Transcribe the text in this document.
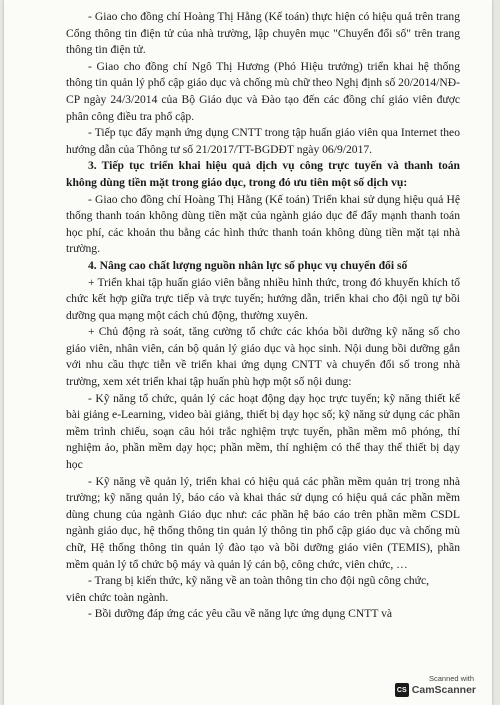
- Giao cho đồng chí Hoàng Thị Hằng (Kế toán) thực hiện có hiệu quả trên trang Cổng thông tin điện tử của nhà trường, lập chuyên mục "Chuyển đổi số" trên trang thông tin điện tử.

- Giao cho đồng chí Ngô Thị Hương (Phó Hiệu trưởng) triển khai hệ thống thông tin quản lý phổ cập giáo dục và chống mù chữ theo Nghị định số 20/2014/NĐ-CP ngày 24/3/2014 của Bộ Giáo dục và Đào tạo đến các đồng chí giáo viên được phân công điều tra phổ cập.

- Tiếp tục đẩy mạnh ứng dụng CNTT trong tập huấn giáo viên qua Internet theo hướng dẫn của Thông tư số 21/2017/TT-BGDĐT ngày 06/9/2017.

3. Tiếp tục triển khai hiệu quả dịch vụ công trực tuyến và thanh toán không dùng tiền mặt trong giáo dục, trong đó ưu tiên một số dịch vụ:

- Giao cho đồng chí Hoàng Thị Hằng (Kế toán) Triển khai sử dụng hiệu quả Hệ thống thanh toán không dùng tiền mặt của ngành giáo dục để đẩy mạnh thanh toán học phí, các khoản thu bằng các hình thức thanh toán không dùng tiền mặt tại nhà trường.

4. Nâng cao chất lượng nguồn nhân lực số phục vụ chuyển đổi số

+ Triển khai tập huấn giáo viên bằng nhiều hình thức, trong đó khuyến khích tổ chức kết hợp giữa trực tiếp và trực tuyến; hướng dẫn, triển khai cho đội ngũ tự bồi dưỡng qua mạng một cách chủ động, thường xuyên.

+ Chủ động rà soát, tăng cường tổ chức các khóa bồi dưỡng kỹ năng số cho giáo viên, nhân viên, cán bộ quản lý giáo dục và học sinh. Nội dung bồi dưỡng gắn với nhu cầu thực tiễn về triển khai ứng dụng CNTT và chuyển đổi số trong nhà trường, xem xét triển khai tập huấn phù hợp một số nội dung:

- Kỹ năng tổ chức, quản lý các hoạt động dạy học trực tuyến; kỹ năng thiết kế bài giảng e-Learning, video bài giảng, thiết bị dạy học số; kỹ năng sử dụng các phần mềm trình chiếu, soạn câu hỏi trắc nghiệm trực tuyến, phần mềm mô phỏng, thí nghiệm ảo, phần mềm dạy học; phần mềm, thí nghiệm có thể thay thế thiết bị dạy học

- Kỹ năng về quản lý, triển khai có hiệu quả các phần mềm quản trị trong nhà trường; kỹ năng quản lý, báo cáo và khai thác sử dụng có hiệu quả các phần mềm dùng chung của ngành Giáo dục như: các phần hệ báo cáo trên phần mềm CSDL ngành giáo dục, hệ thống thông tin quản lý thông tin phổ cập giáo dục và chống mù chữ, Hệ thống thông tin quản lý đào tạo và bồi dưỡng giáo viên (TEMIS), phần mềm quản lý tổ chức bộ máy và quản lý cán bộ, công chức, viên chức, …

- Trang bị kiến thức, kỹ năng về an toàn thông tin cho đội ngũ công chức,

viên chức toàn ngành.

- Bồi dưỡng đáp ứng các yêu cầu về năng lực ứng dụng CNTT và

Scanned with
CS CamScanner
